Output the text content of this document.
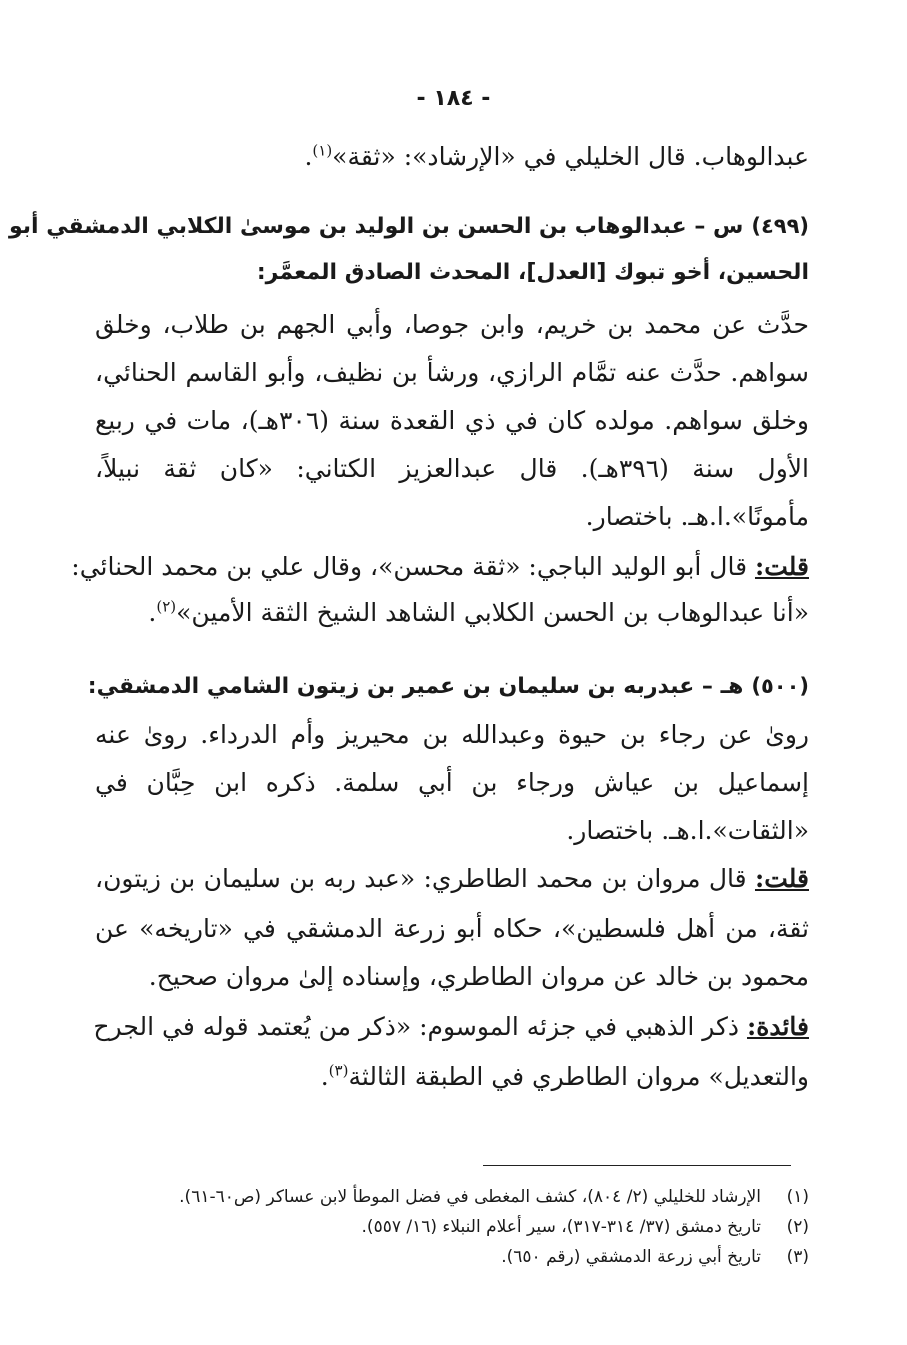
- ١٨٤ -
عبدالوهاب. قال الخليلي في «الإرشاد»: «ثقة»$^{(١)}$.
(٤٩٩) س – عبدالوهاب بن الحسن بن الوليد بن موسىٰ الكلابي الدمشقي أبو
الحسين، أخو تبوك [العدل]، المحدث الصادق المعمَّر:
حدَّث عن محمد بن خريم، وابن جوصا، وأبي الجهم بن طلاب، وخلق
سواهم. حدَّث عنه تمَّام الرازي، ورشأ بن نظيف، وأبو القاسم الحنائي،
وخلق سواهم. مولده كان في ذي القعدة سنة (٣٠٦هـ)، مات في ربيع
الأول سنة (٣٩٦هـ). قال عبدالعزيز الكتاني: «كان ثقة نبيلاً،
مأمونًا».ا.هـ. باختصار.
قلت: قال أبو الوليد الباجي: «ثقة محسن»، وقال علي بن محمد الحنائي:
«أنا عبدالوهاب بن الحسن الكلابي الشاهد الشيخ الثقة الأمين»$^{(٢)}$.
(٥٠٠) هـ – عبدربه بن سليمان بن عمير بن زيتون الشامي الدمشقي:
روىٰ عن رجاء بن حيوة وعبدالله بن محيريز وأم الدرداء. روىٰ عنه
إسماعيل بن عياش ورجاء بن أبي سلمة. ذكره ابن حِبَّان في
«الثقات».ا.هـ. باختصار.
قلت: قال مروان بن محمد الطاطري: «عبد ربه بن سليمان بن زيتون،
ثقة، من أهل فلسطين»، حكاه أبو زرعة الدمشقي في «تاريخه» عن
محمود بن خالد عن مروان الطاطري، وإسناده إلىٰ مروان صحيح.
فائدة: ذكر الذهبي في جزئه الموسوم: «ذكر من يُعتمد قوله في الجرح
والتعديل» مروان الطاطري في الطبقة الثالثة$^{(٣)}$.
(١)الإرشاد للخليلي (٢/ ٨٠٤)، كشف المغطى في فضل الموطأ لابن عساكر (ص٦٠-٦١).
(٢)تاريخ دمشق (٣٧/ ٣١٤-٣١٧)، سير أعلام النبلاء (١٦/ ٥٥٧).
(٣)تاريخ أبي زرعة الدمشقي (رقم ٦٥٠).
